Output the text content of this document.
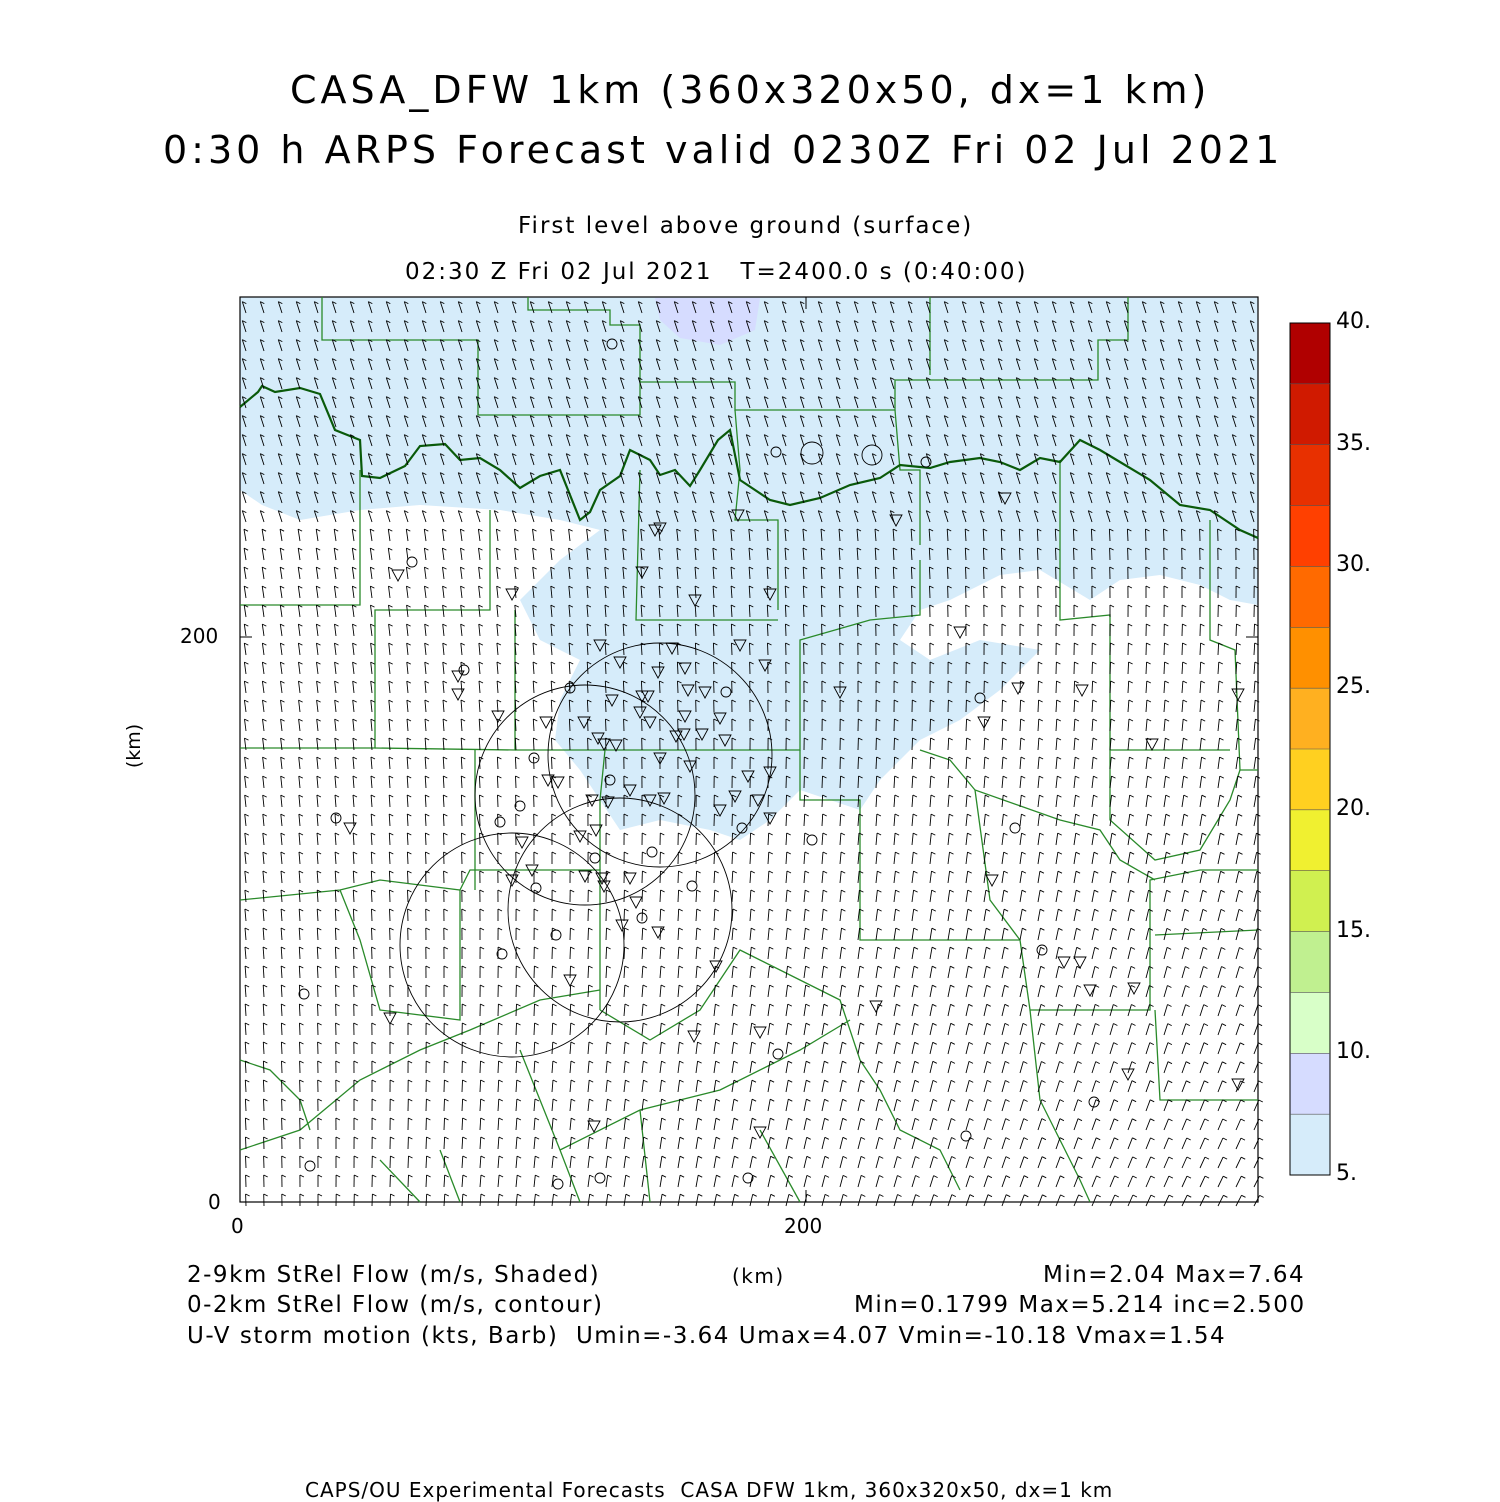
CASA_DFW 1km (360x320x50, dx=1 km)
0:30 h ARPS Forecast valid 0230Z Fri 02 Jul 2021
First level above ground (surface)
02:30 Z Fri 02 Jul 2021   T=2400.0 s (0:40:00)
200
0
0	200
(km)
40.
35.
30.
25.
20.
15.
10.
5.
2-9km StRel Flow (m/s, Shaded)	(km)	Min=2.04 Max=7.64
0-2km StRel Flow (m/s, contour)	Min=0.1799 Max=5.214 inc=2.500
U-V storm motion (kts, Barb)  Umin=-3.64 Umax=4.07 Vmin=-10.18 Vmax=1.54
CAPS/OU Experimental Forecasts  CASA DFW 1km, 360x320x50, dx=1 km
